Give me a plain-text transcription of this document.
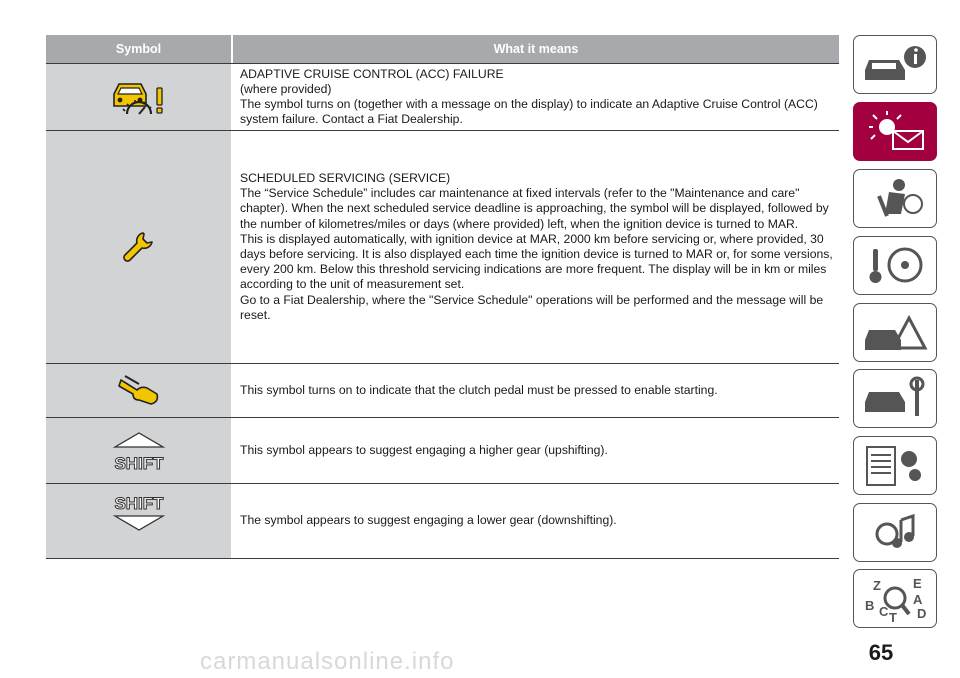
Symbol	What it means

ADAPTIVE CRUISE CONTROL (ACC) FAILURE
(where provided)
The symbol turns on (together with a message on the display) to indicate an Adaptive Cruise Control (ACC) system failure. Contact a Fiat Dealership.

SCHEDULED SERVICING (SERVICE)
The “Service Schedule” includes car maintenance at fixed intervals (refer to the "Maintenance and care" chapter). When the next scheduled service deadline is approaching, the symbol will be displayed, followed by the number of kilometres/miles or days (where provided) left, when the ignition device is turned to MAR.
This is displayed automatically, with ignition device at MAR, 2000 km before servicing or, where provided, 30 days before servicing. It is also displayed each time the ignition device is turned to MAR or, for some versions, every 200 km. Below this threshold servicing indications are more frequent. The display will be in km or miles according to the unit of measurement set.
Go to a Fiat Dealership, where the "Service Schedule" operations will be performed and the message will be reset.

This symbol turns on to indicate that the clutch pedal must be pressed to enable starting.

SHIFT

This symbol appears to suggest engaging a higher gear (upshifting).

SHIFT

The symbol appears to suggest engaging a lower gear (downshifting).

Z E
A
B C T D
65
carmanualsonline.info
